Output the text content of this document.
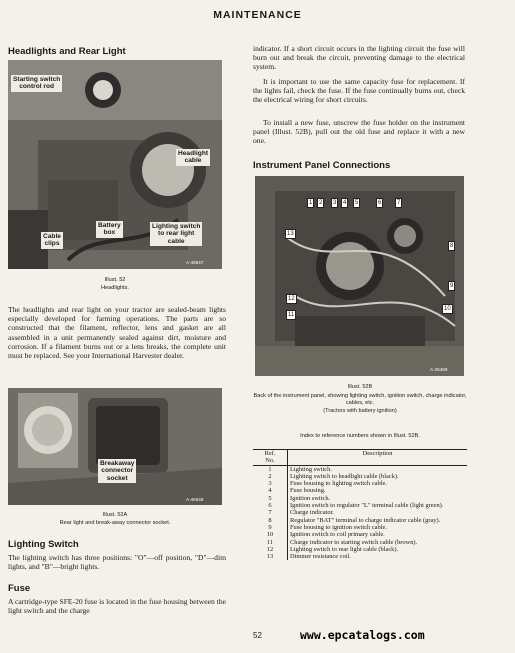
MAINTENANCE
Headlights and Rear Light
Starting switch
control rod
Headlight
cable
Battery
box
Lighting switch
to rear light
cable
Cable
clips
A-46647
Illust. 52
Headlights.
The headlights and rear light on your tractor are sealed-beam lights especially developed for farming operations. The parts are so constructed that the filament, reflector, lens and gasket are all assembled in a unit permanently sealed against dirt, moisture and corrosion. If a filament burns out or a lens breaks, the complete unit must be replaced. See your International Harvester dealer.
Breakaway
connector
socket
A-46648
Illust. 52A
Rear light and break-away connector socket.
Lighting Switch
The lighting switch has three positions: "O"—off position, "D"—dim lights, and "B"—bright lights.
Fuse
A cartridge-type SFE-20 fuse is located in the fuse housing between the light switch and the charge
indicator. If a short circuit occurs in the lighting circuit the fuse will burn out and break the circuit, preventing damage to the electrical system.
It is important to use the same capacity fuse for replacement. If the lights fail, check the fuse. If the fuse continually burns out, check the electrical wiring for short circuits.
To install a new fuse, unscrew the fuse holder on the instrument panel (Illust. 52B), pull out the old fuse and replace it with a new one.
Instrument Panel Connections
1	2	3	4	5	6	7
13
8
9
10
12
11
A-25469
Illust. 52B
Back of the instrument panel, showing lighting switch, ignition switch, charge indicator, cables, etc.
(Tractors with battery ignition)
Index to reference numbers shown in Illust. 52B.
Ref.
No.	Description
1	Lighting switch.
2	Lighting switch to headlight cable (black).
3	Fuse housing to lighting switch cable.
4	Fuse housing.
5	Ignition switch.
6	Ignition switch to regulator "L" terminal cable (light green).
7	Charge indicator.
8	Regulator "BAT" terminal to charge indicator cable (gray).
9	Fuse housing to ignition switch cable.
10	Ignition switch to coil primary cable.
11	Charge indicator to starting switch cable (brown).
12	Lighting switch to rear light cable (black).
13	Dimmer resistance coil.
52	www.epcatalogs.com
